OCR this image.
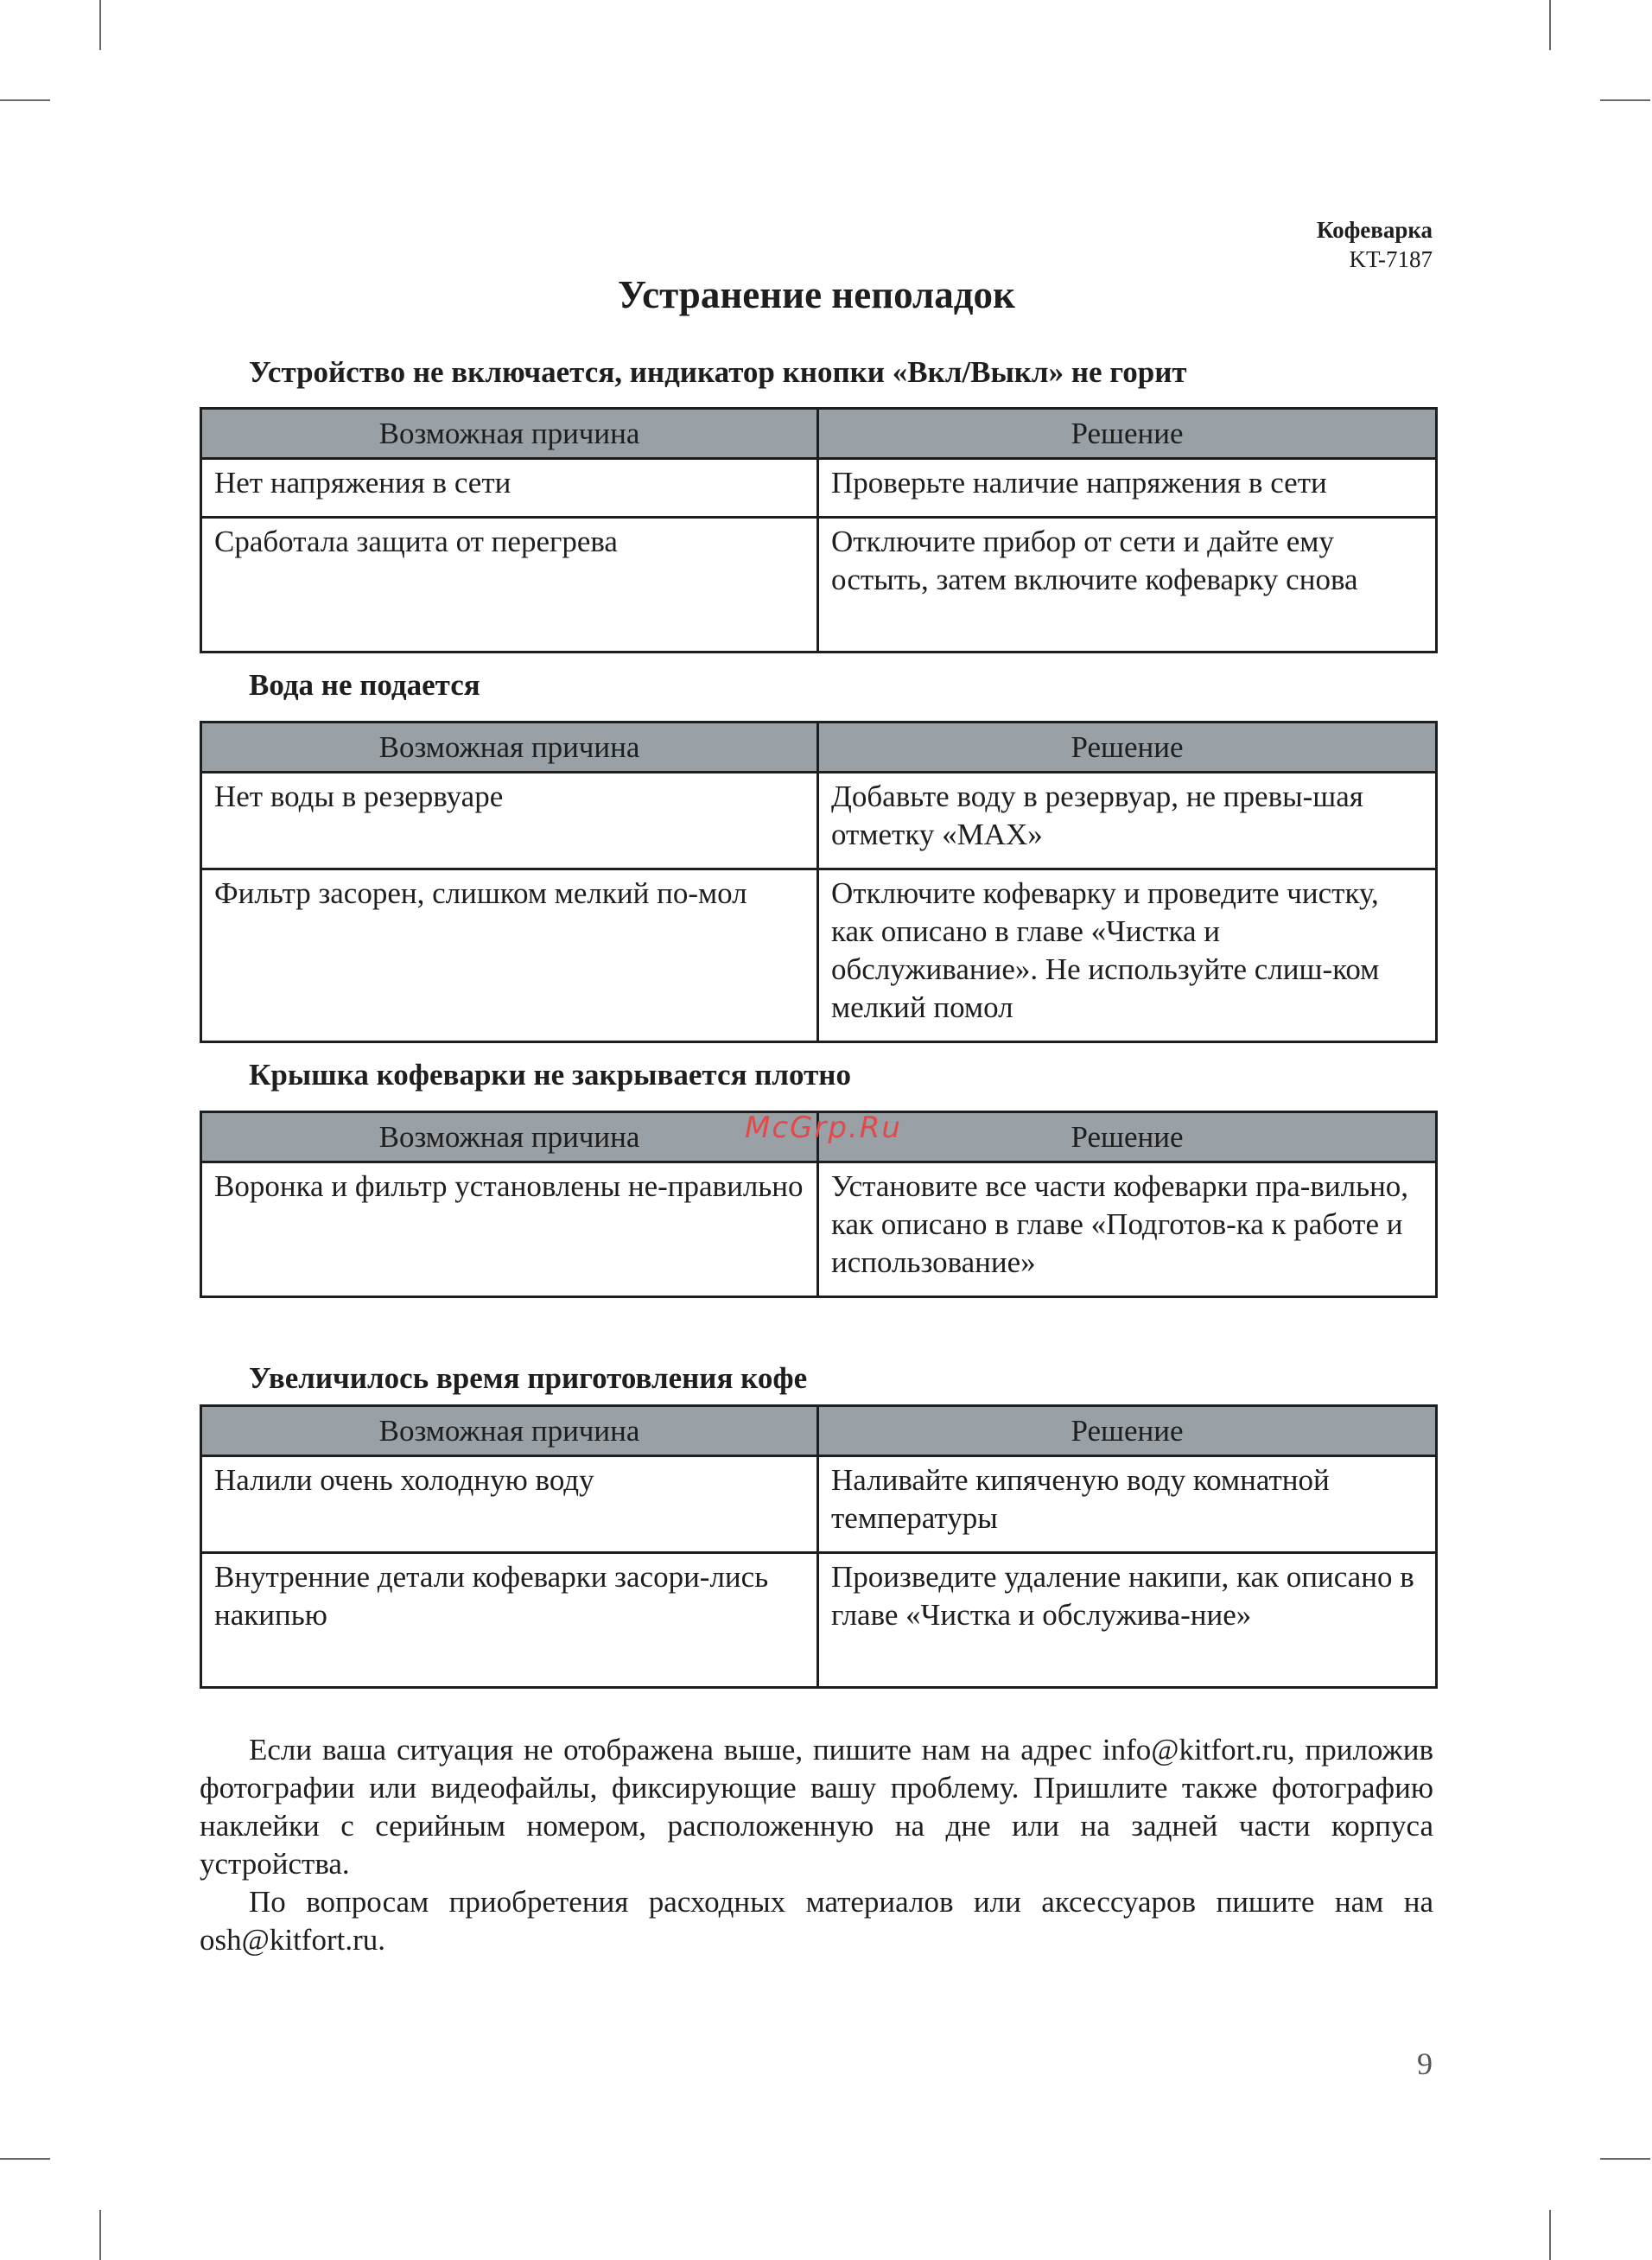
Кофеварка
KT-7187
Устранение неполадок
Устройство не включается, индикатор кнопки «Вкл/Выкл» не горит
Возможная причина	Решение
Нет напряжения в сети	Проверьте наличие напряжения в сети
Сработала защита от перегрева	Отключите прибор от сети и дайте ему остыть, затем включите кофеварку снова
Вода не подается
Возможная причина	Решение
Нет воды в резервуаре	Добавьте воду в резервуар, не превы-шая отметку «MAX»
Фильтр засорен, слишком мелкий по-мол	Отключите кофеварку и проведите чистку, как описано в главе «Чистка и обслуживание». Не используйте слиш-ком мелкий помол
Крышка кофеварки не закрывается плотно
Возможная причина	Решение
Воронка и фильтр установлены не-правильно	Установите все части кофеварки пра-вильно, как описано в главе «Подготов-ка к работе и использование»
Увеличилось время приготовления кофе
Возможная причина	Решение
Налили очень холодную воду	Наливайте кипяченую воду комнатной температуры
Внутренние детали кофеварки засори-лись накипью	Произведите удаление накипи, как описано в главе «Чистка и обслужива-ние»

Если ваша ситуация не отображена выше, пишите нам на адрес info@kitfort.ru, приложив фотографии или видеофайлы, фиксирующие вашу проблему. Пришлите также фотографию наклейки с серийным номером, расположенную на дне или на задней части корпуса устройства.

По вопросам приобретения расходных материалов или аксессуаров пишите нам на osh@kitfort.ru.

McGrp.Ru
9
